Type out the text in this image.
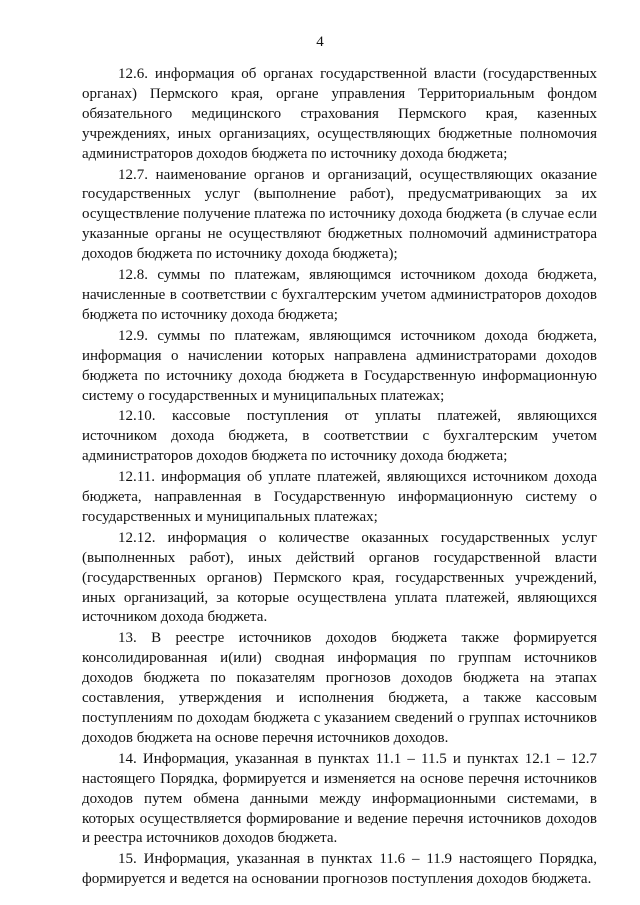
4

12.6. информация об органах государственной власти (государственных органах) Пермского края, органе управления Территориальным фондом обязательного медицинского страхования Пермского края, казенных учреждениях, иных организациях, осуществляющих бюджетные полномочия администраторов доходов бюджета по источнику дохода бюджета;

12.7. наименование органов и организаций, осуществляющих оказание государственных услуг (выполнение работ), предусматривающих за их осуществление получение платежа по источнику дохода бюджета (в случае если указанные органы не осуществляют бюджетных полномочий администратора доходов бюджета по источнику дохода бюджета);

12.8. суммы по платежам, являющимся источником дохода бюджета, начисленные в соответствии с бухгалтерским учетом администраторов доходов бюджета по источнику дохода бюджета;

12.9. суммы по платежам, являющимся источником дохода бюджета, информация о начислении которых направлена администраторами доходов бюджета по источнику дохода бюджета в Государственную информационную систему о государственных и муниципальных платежах;

12.10. кассовые поступления от уплаты платежей, являющихся источником дохода бюджета, в соответствии с бухгалтерским учетом администраторов доходов бюджета по источнику дохода бюджета;

12.11. информация об уплате платежей, являющихся источником дохода бюджета, направленная в Государственную информационную систему о государственных и муниципальных платежах;

12.12. информация о количестве оказанных государственных услуг (выполненных работ), иных действий органов государственной власти (государственных органов) Пермского края, государственных учреждений, иных организаций, за которые осуществлена уплата платежей, являющихся источником дохода бюджета.

13. В реестре источников доходов бюджета также формируется консолидированная и(или) сводная информация по группам источников доходов бюджета по показателям прогнозов доходов бюджета на этапах составления, утверждения и исполнения бюджета, а также кассовым поступлениям по доходам бюджета с указанием сведений о группах источников доходов бюджета на основе перечня источников доходов.

14. Информация, указанная в пунктах 11.1 – 11.5 и пунктах 12.1 – 12.7 настоящего Порядка, формируется и изменяется на основе перечня источников доходов путем обмена данными между информационными системами, в которых осуществляется формирование и ведение перечня источников доходов и реестра источников доходов бюджета.

15. Информация, указанная в пунктах 11.6 – 11.9 настоящего Порядка, формируется и ведется на основании прогнозов поступления доходов бюджета.
